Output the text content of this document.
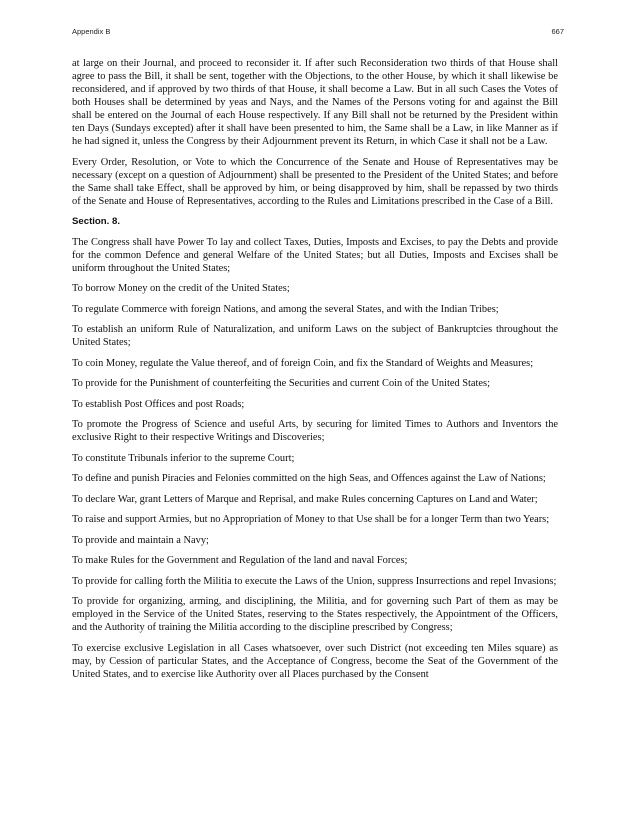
Appendix B	667

at large on their Journal, and proceed to reconsider it. If after such Reconsideration two thirds of that House shall agree to pass the Bill, it shall be sent, together with the Objections, to the other House, by which it shall likewise be reconsidered, and if approved by two thirds of that House, it shall become a Law. But in all such Cases the Votes of both Houses shall be determined by yeas and Nays, and the Names of the Persons voting for and against the Bill shall be entered on the Journal of each House respectively. If any Bill shall not be returned by the President within ten Days (Sundays excepted) after it shall have been presented to him, the Same shall be a Law, in like Manner as if he had signed it, unless the Congress by their Adjournment prevent its Return, in which Case it shall not be a Law.

Every Order, Resolution, or Vote to which the Concurrence of the Senate and House of Representatives may be necessary (except on a question of Adjournment) shall be presented to the President of the United States; and before the Same shall take Effect, shall be approved by him, or being disapproved by him, shall be repassed by two thirds of the Senate and House of Representatives, according to the Rules and Limitations prescribed in the Case of a Bill.

Section. 8.

The Congress shall have Power To lay and collect Taxes, Duties, Imposts and Excises, to pay the Debts and provide for the common Defence and general Welfare of the United States; but all Duties, Imposts and Excises shall be uniform throughout the United States;

To borrow Money on the credit of the United States;

To regulate Commerce with foreign Nations, and among the several States, and with the Indian Tribes;

To establish an uniform Rule of Naturalization, and uniform Laws on the subject of Bankruptcies throughout the United States;

To coin Money, regulate the Value thereof, and of foreign Coin, and fix the Standard of Weights and Measures;

To provide for the Punishment of counterfeiting the Securities and current Coin of the United States;

To establish Post Offices and post Roads;

To promote the Progress of Science and useful Arts, by securing for limited Times to Authors and Inventors the exclusive Right to their respective Writings and Discoveries;

To constitute Tribunals inferior to the supreme Court;

To define and punish Piracies and Felonies committed on the high Seas, and Offences against the Law of Nations;

To declare War, grant Letters of Marque and Reprisal, and make Rules concerning Captures on Land and Water;

To raise and support Armies, but no Appropriation of Money to that Use shall be for a longer Term than two Years;

To provide and maintain a Navy;

To make Rules for the Government and Regulation of the land and naval Forces;

To provide for calling forth the Militia to execute the Laws of the Union, suppress Insurrections and repel Invasions;

To provide for organizing, arming, and disciplining, the Militia, and for governing such Part of them as may be employed in the Service of the United States, reserving to the States respectively, the Appointment of the Officers, and the Authority of training the Militia according to the discipline prescribed by Congress;

To exercise exclusive Legislation in all Cases whatsoever, over such District (not exceeding ten Miles square) as may, by Cession of particular States, and the Acceptance of Congress, become the Seat of the Government of the United States, and to exercise like Authority over all Places purchased by the Consent
